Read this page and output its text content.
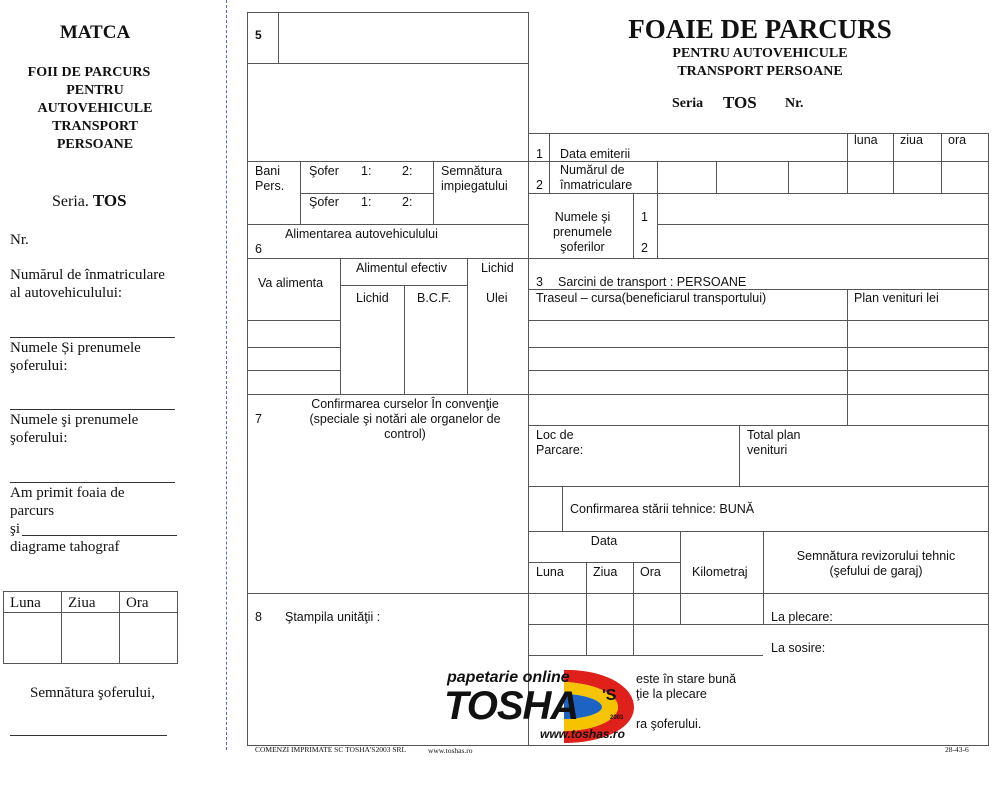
MATCA
FOII DE PARCURS
PENTRU
AUTOVEHICULE
TRANSPORT
PERSOANE
Seria. TOS
Nr.
Numărul de înmatriculare
al autovehiculului:
Numele Și prenumele
şoferului:
Numele şi prenumele
şoferului:
Am primit foaia de
parcurs
şi
diagrame tahograf
Luna Ziua Ora
Semnătura şoferului,
FOAIE DE PARCURS
PENTRU AUTOVEHICULE
TRANSPORT PERSOANE
Seria TOS Nr.
5
Bani
Pers.
Şofer 1: 2:
Şofer 1: 2:
Semnătura
impiegatului
6
Alimentarea autovehiculului
Va alimenta
Alimentul efectiv	Lichid
Lichid B.C.F.	Ulei
7
Confirmarea curselor În convenţie
(speciale şi notări ale organelor de
control)
8 Ştampila unităţii :
luna ziua ora
1 Data emiterii
2
Numărul de
înmatriculare
Numele şi
prenumele
şoferilor
1
2
3 Sarcini de transport : PERSOANE
Traseul – cursa(beneficiarul transportului)	Plan venituri lei
Loc de
Parcare:
Total plan
venituri
Confirmarea stării tehnice: BUNĂ
Data
Luna Ziua Ora Kilometraj
Semnătura revizorului tehnic
(şefului de garaj)
La plecare:
La sosire:
este în stare bună
ţie la plecare
ra şoferului.
papetarie online
TOSHA 'S
2003
www.toshas.ro
COMENZI IMPRIMATE SC TOSHA'S2003 SRL	www.toshas.ro	28-43-6
